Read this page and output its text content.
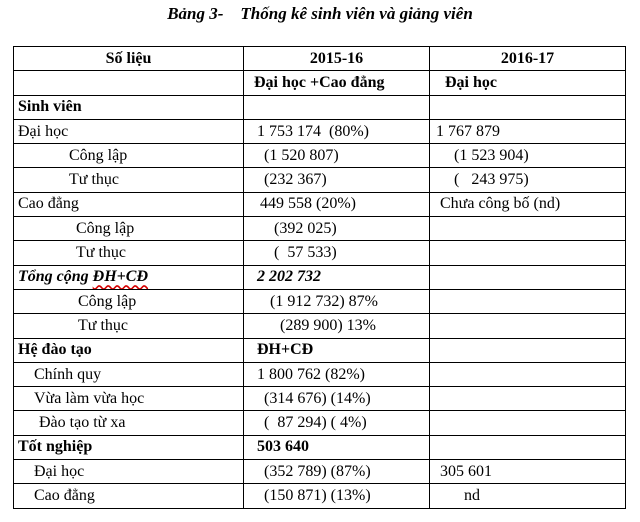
Bảng 3- Thống kê sinh viên và giảng viên
Số liệu	2015-16	2016-17
	Đại học +Cao đẳng	Đại học
Sinh viên		
Đại học	1 753 174  (80%)	1 767 879
Công lập	(1 520 807)	(1 523 904)
Tư thục	(232 367)	(   243 975)
Cao đẳng	449 558 (20%)	Chưa công bố (nd)
Công lập	(392 025)	
Tư thục	(  57 533)	
Tổng cộng ĐH+CĐ	2 202 732	
Công lập	(1 912 732) 87%	
Tư thục	(289 900) 13%	
Hệ đào tạo	ĐH+CĐ	
Chính quy	1 800 762 (82%)	
Vừa làm vừa học	(314 676) (14%)	
Đào tạo từ xa	(  87 294) ( 4%)	
Tốt nghiệp	503 640	
Đại học	(352 789) (87%)	305 601
Cao đẳng	(150 871) (13%)	nd
